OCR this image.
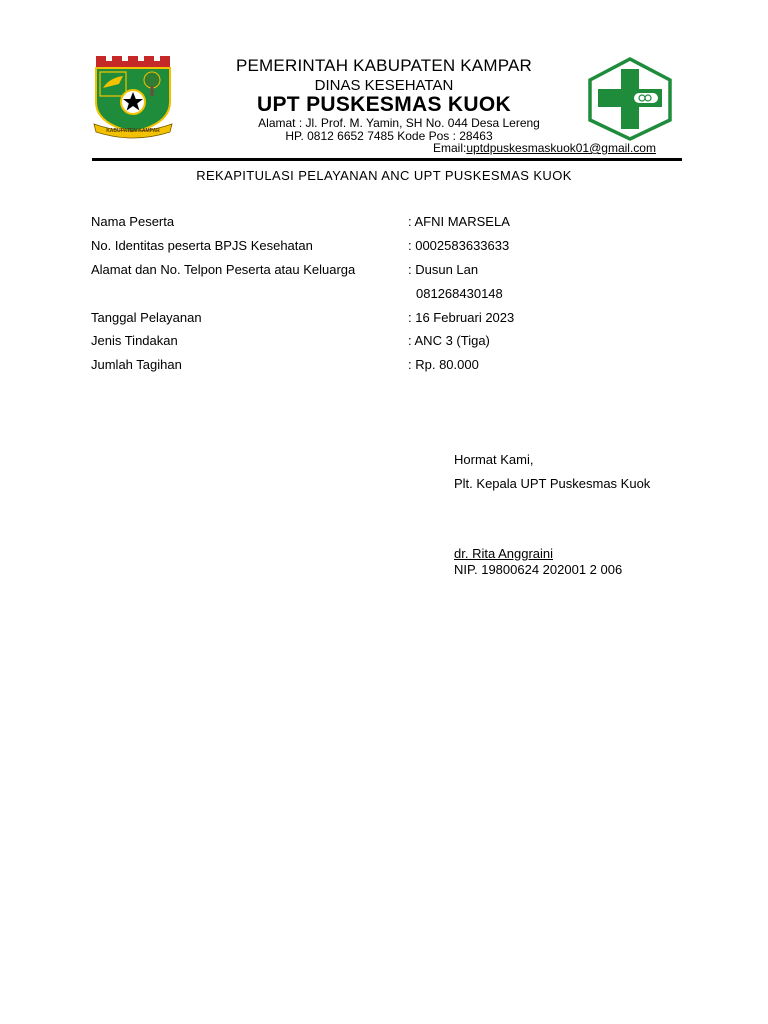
KABUPATEN KAMPAR
PEMERINTAH KABUPATEN KAMPAR
DINAS KESEHATAN
UPT PUSKESMAS KUOK
Alamat : Jl. Prof. M. Yamin, SH No. 044 Desa Lereng
HP. 0812 6652 7485 Kode Pos : 28463
Email:uptdpuskesmaskuok01@gmail.com
REKAPITULASI PELAYANAN ANC UPT PUSKESMAS KUOK
Nama Peserta	: AFNI MARSELA
No. Identitas peserta BPJS Kesehatan	: 0002583633633
Alamat dan No. Telpon Peserta atau Keluarga	: Dusun Lan
081268430148
Tanggal Pelayanan	: 16 Februari 2023
Jenis Tindakan	: ANC 3 (Tiga)
Jumlah Tagihan	: Rp. 80.000
Hormat Kami,
Plt. Kepala UPT Puskesmas Kuok
dr. Rita Anggraini
NIP. 19800624 202001 2 006
